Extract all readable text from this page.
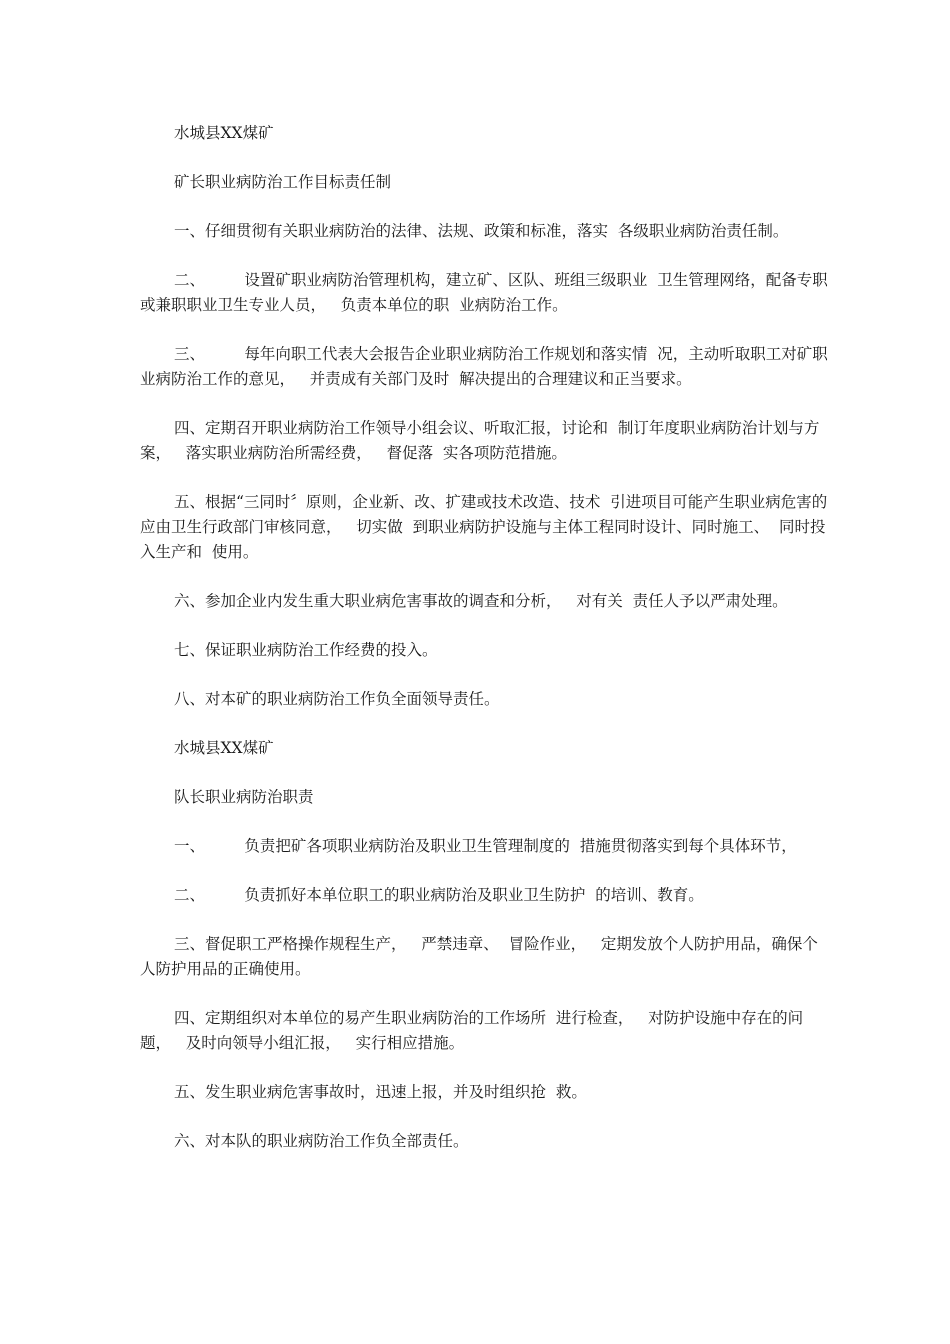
水城县XX煤矿

矿长职业病防治工作目标责任制

一、仔细贯彻有关职业病防治的法律、法规、政策和标准，落实  各级职业病防治责任制。

二、        设置矿职业病防治管理机构，建立矿、区队、班组三级职业  卫生管理网络，配备专职或兼职职业卫生专业人员，   负责本单位的职  业病防治工作。

三、        每年向职工代表大会报告企业职业病防治工作规划和落实情  况，主动听取职工对矿职业病防治工作的意见，   并责成有关部门及时  解决提出的合理建议和正当要求。

四、定期召开职业病防治工作领导小组会议、听取汇报，讨论和  制订年度职业病防治计划与方案，   落实职业病防治所需经费，   督促落  实各项防范措施。

五、根据“三同时〞原则，企业新、改、扩建或技术改造、技术  引进项目可能产生职业病危害的应由卫生行政部门审核同意，   切实做  到职业病防护设施与主体工程同时设计、同时施工、  同时投入生产和  使用。

六、参加企业内发生重大职业病危害事故的调查和分析，   对有关  责任人予以严肃处理。

七、保证职业病防治工作经费的投入。

八、对本矿的职业病防治工作负全面领导责任。

水城县XX煤矿

队长职业病防治职责

一、        负责把矿各项职业病防治及职业卫生管理制度的  措施贯彻落实到每个具体环节，

二、        负责抓好本单位职工的职业病防治及职业卫生防护  的培训、教育。

三、督促职工严格操作规程生产，   严禁违章、  冒险作业，   定期发放个人防护用品，确保个人防护用品的正确使用。

四、定期组织对本单位的易产生职业病防治的工作场所  进行检查，   对防护设施中存在的问题，   及时向领导小组汇报，   实行相应措施。

五、发生职业病危害事故时，迅速上报，并及时组织抢  救。

六、对本队的职业病防治工作负全部责任。
